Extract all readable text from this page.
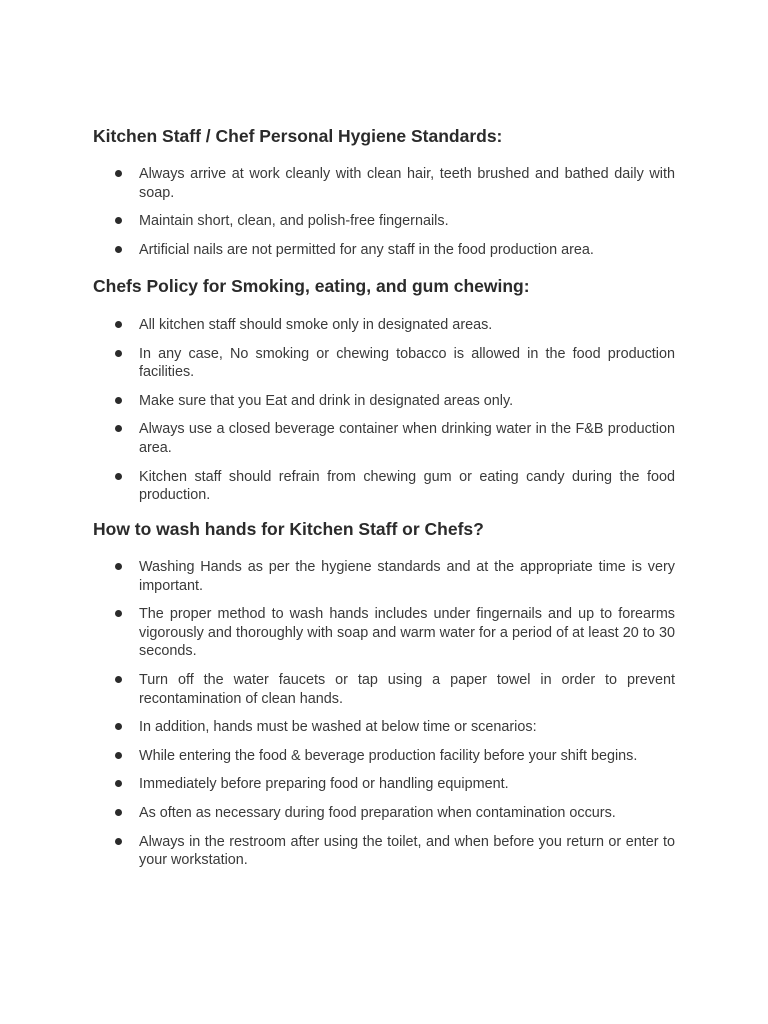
Kitchen Staff / Chef Personal Hygiene Standards:
Always arrive at work cleanly with clean hair, teeth brushed and bathed daily with soap.
Maintain short, clean, and polish-free fingernails.
Artificial nails are not permitted for any staff in the food production area.
Chefs Policy for Smoking, eating, and gum chewing:
All kitchen staff should smoke only in designated areas.
In any case, No smoking or chewing tobacco is allowed in the food production facilities.
Make sure that you Eat and drink in designated areas only.
Always use a closed beverage container when drinking water in the F&B production area.
Kitchen staff should refrain from chewing gum or eating candy during the food production.
How to wash hands for Kitchen Staff or Chefs?
Washing Hands as per the hygiene standards and at the appropriate time is very important.
The proper method to wash hands includes under fingernails and up to forearms vigorously and thoroughly with soap and warm water for a period of at least 20 to 30 seconds.
Turn off the water faucets or tap using a paper towel in order to prevent recontamination of clean hands.
In addition, hands must be washed at below time or scenarios:
While entering the food & beverage production facility before your shift begins.
Immediately before preparing food or handling equipment.
As often as necessary during food preparation when contamination occurs.
Always in the restroom after using the toilet, and when before you return or enter to your workstation.
